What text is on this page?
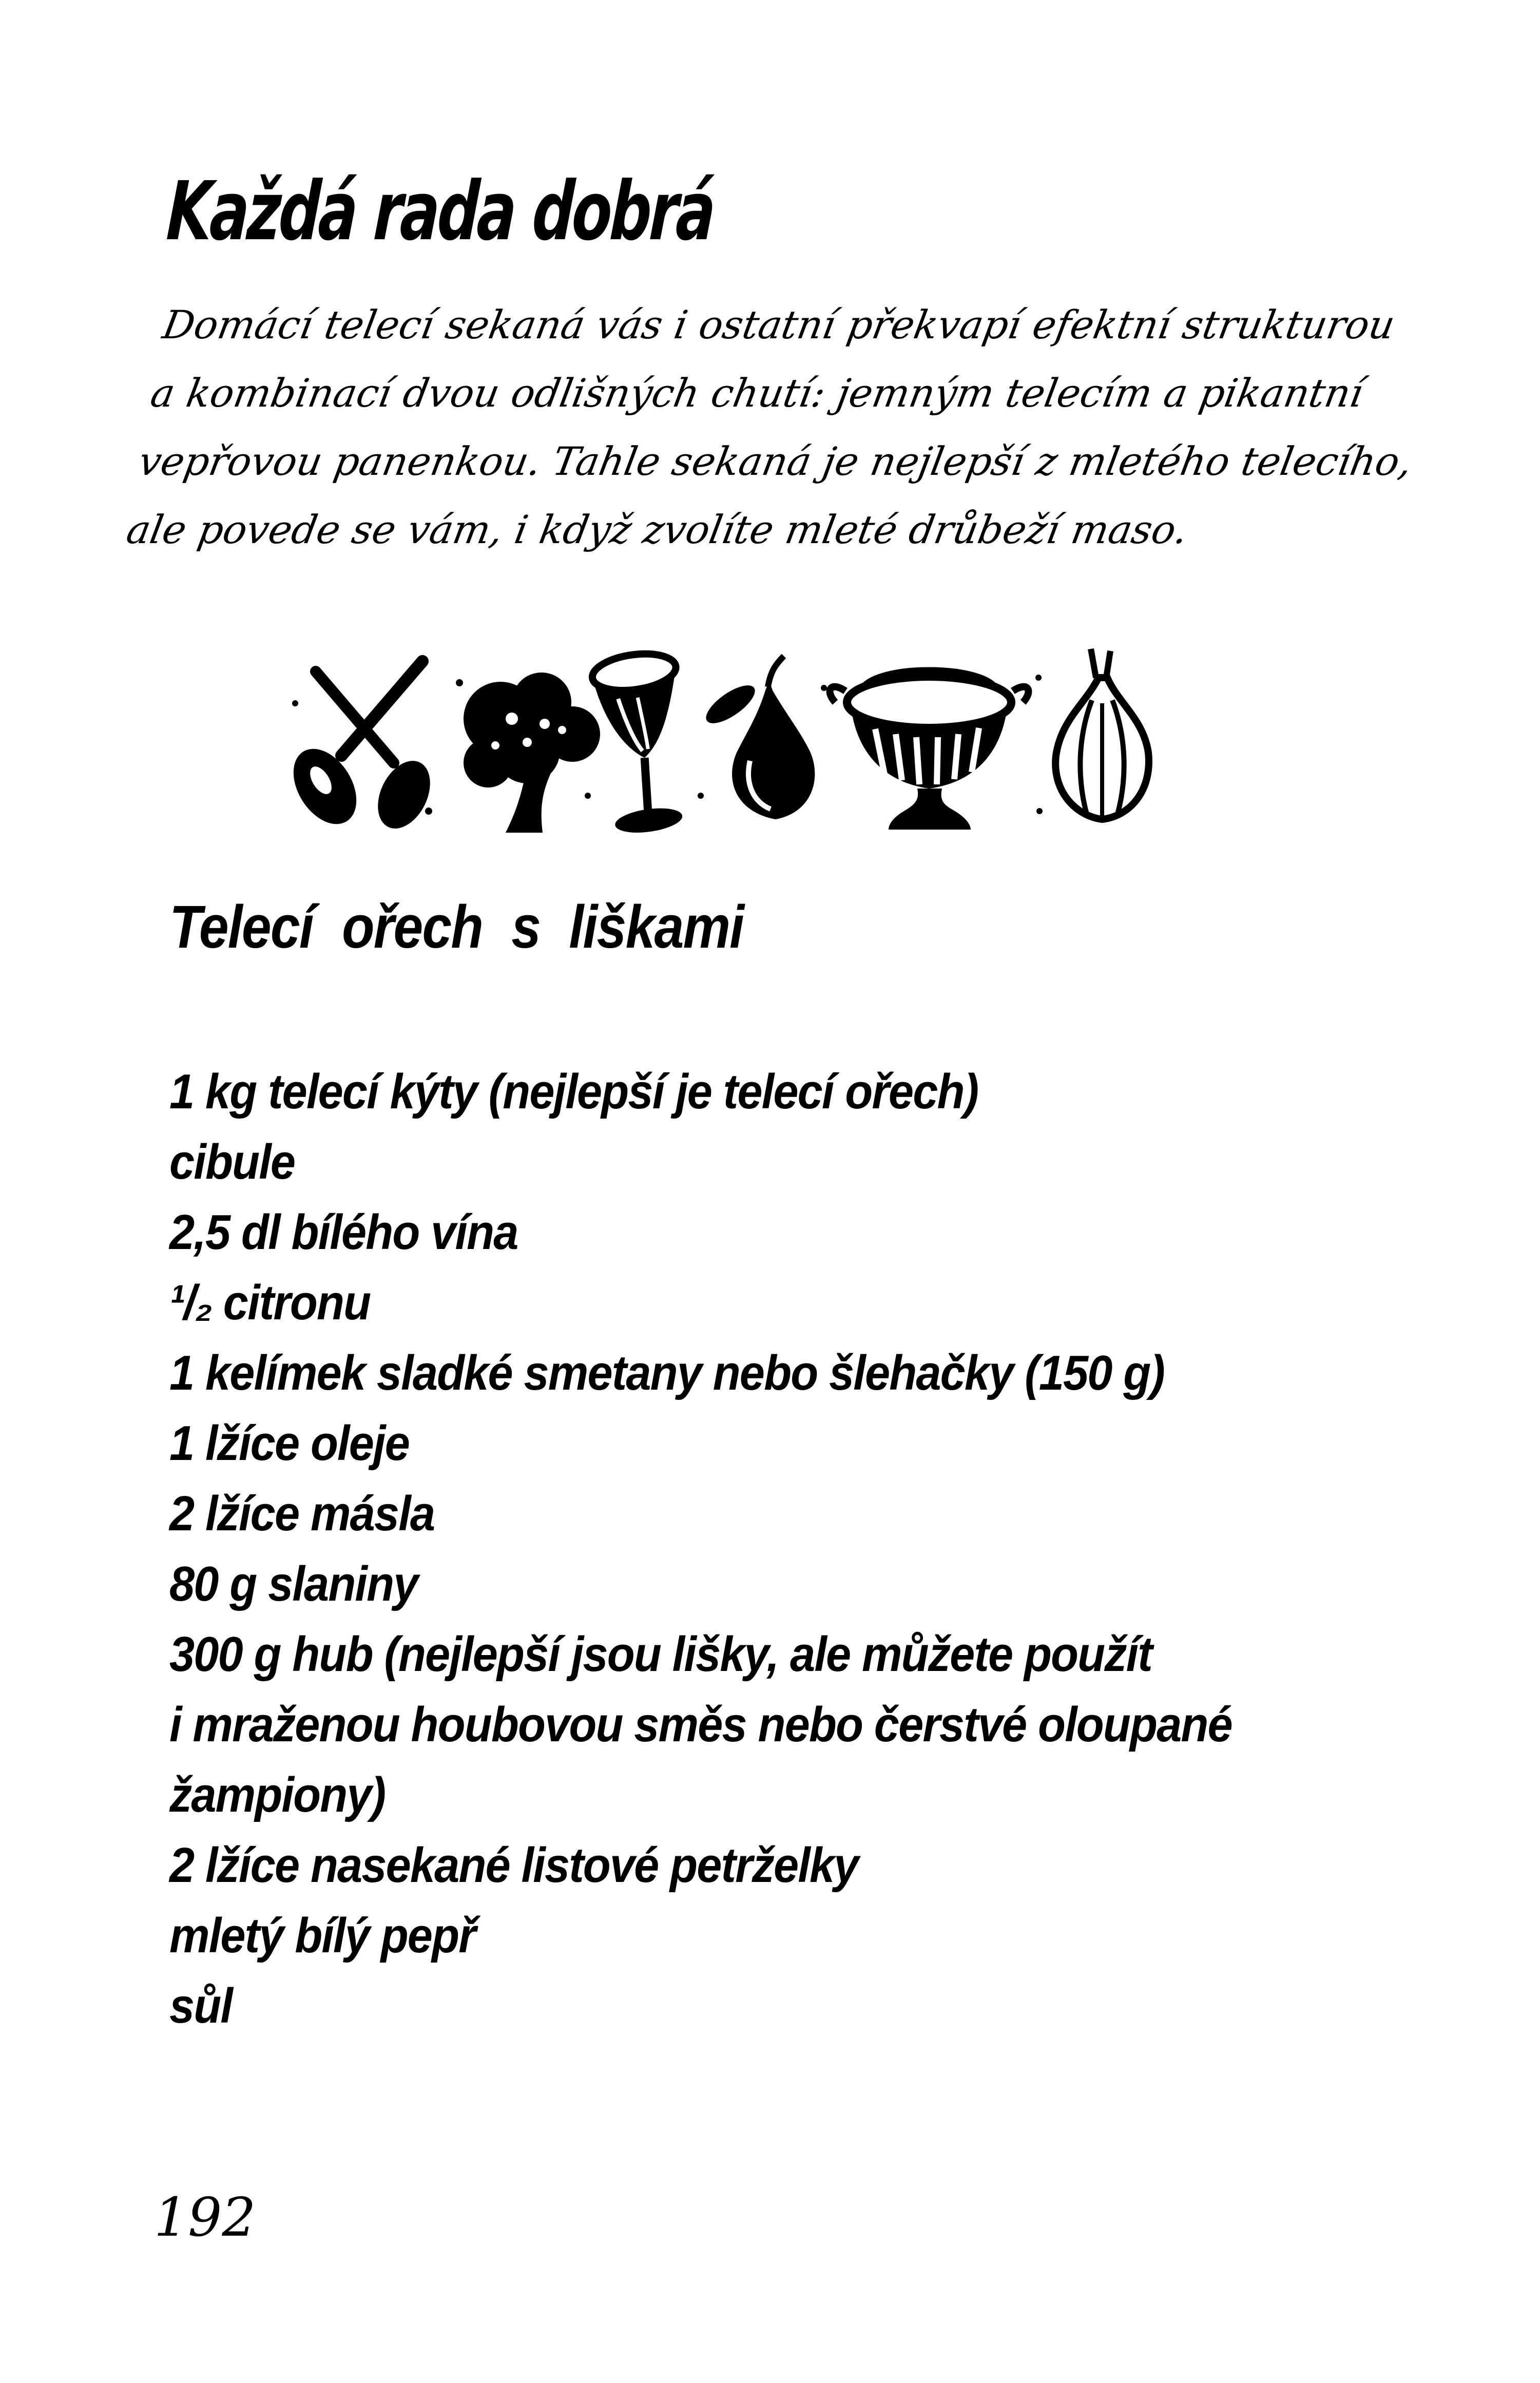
Každá rada dobrá
Domácí telecí sekaná vás i ostatní překvapí efektní strukturou
a kombinací dvou odlišných chutí: jemným telecím a pikantní
vepřovou panenkou. Tahle sekaná je nejlepší z mletého telecího,
ale povede se vám, i když zvolíte mleté drůbeží maso.
Telecí ořech s liškami
1 kg telecí kýty (nejlepší je telecí ořech)
cibule
2,5 dl bílého vína
¹/₂ citronu
1 kelímek sladké smetany nebo šlehačky (150 g)
1 lžíce oleje
2 lžíce másla
80 g slaniny
300 g hub (nejlepší jsou lišky, ale můžete použít
i mraženou houbovou směs nebo čerstvé oloupané
žampiony)
2 lžíce nasekané listové petrželky
mletý bílý pepř
sůl
192
